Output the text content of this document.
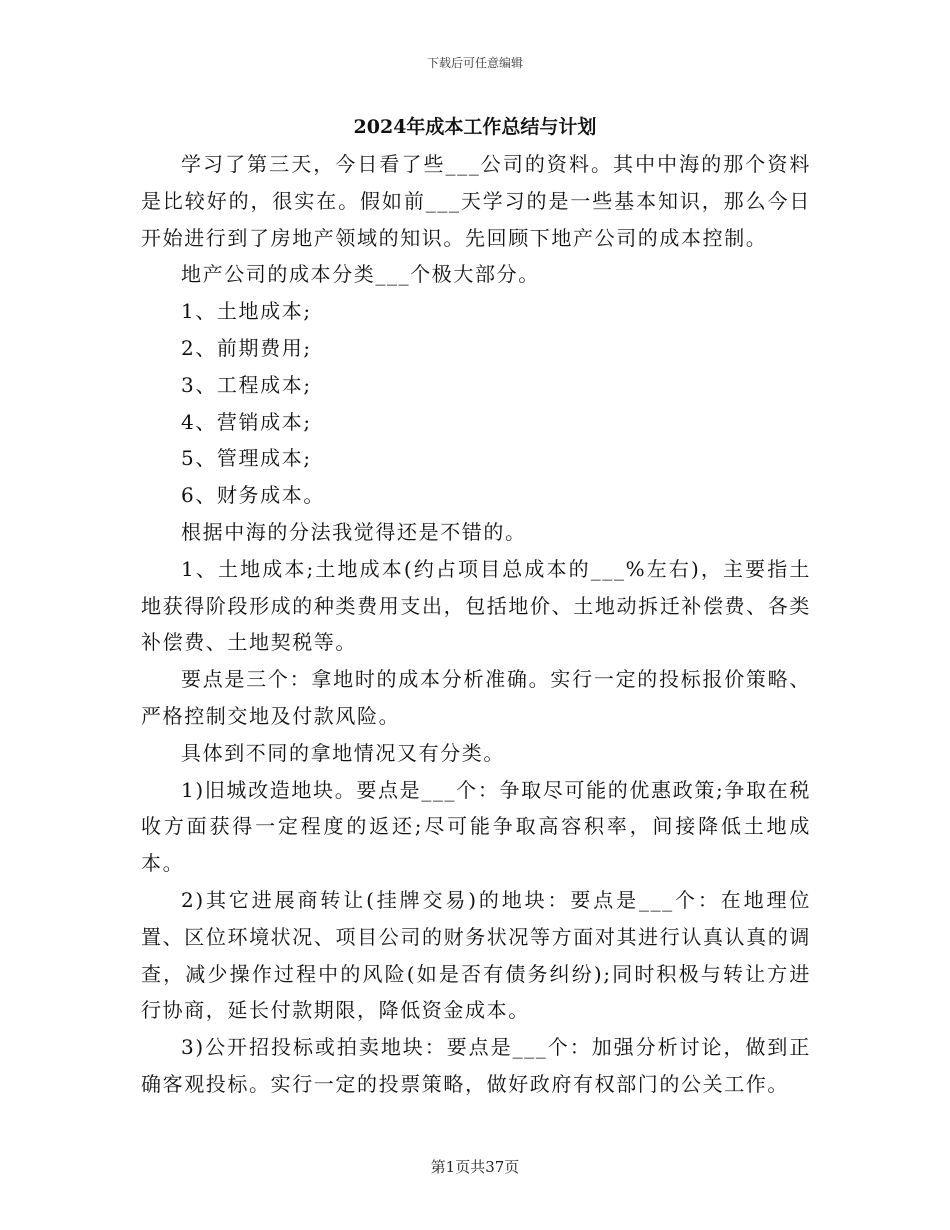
下载后可任意编辑
2024年成本工作总结与计划

学习了第三天，今日看了些___公司的资料。其中中海的那个资料是比较好的，很实在。假如前___天学习的是一些基本知识，那么今日开始进行到了房地产领域的知识。先回顾下地产公司的成本控制。

地产公司的成本分类___个极大部分。

1、土地成本;

2、前期费用;

3、工程成本;

4、营销成本;

5、管理成本;

6、财务成本。

根据中海的分法我觉得还是不错的。

1、土地成本;土地成本(约占项目总成本的___%左右)，主要指土地获得阶段形成的种类费用支出，包括地价、土地动拆迁补偿费、各类补偿费、土地契税等。

要点是三个：拿地时的成本分析准确。实行一定的投标报价策略、严格控制交地及付款风险。

具体到不同的拿地情况又有分类。

1)旧城改造地块。要点是___个：争取尽可能的优惠政策;争取在税收方面获得一定程度的返还;尽可能争取高容积率，间接降低土地成本。

2)其它进展商转让(挂牌交易)的地块：要点是___个：在地理位置、区位环境状况、项目公司的财务状况等方面对其进行认真认真的调查，减少操作过程中的风险(如是否有债务纠纷);同时积极与转让方进行协商，延长付款期限，降低资金成本。

3)公开招投标或拍卖地块：要点是___个：加强分析讨论，做到正确客观投标。实行一定的投票策略，做好政府有权部门的公关工作。

第1页共37页
